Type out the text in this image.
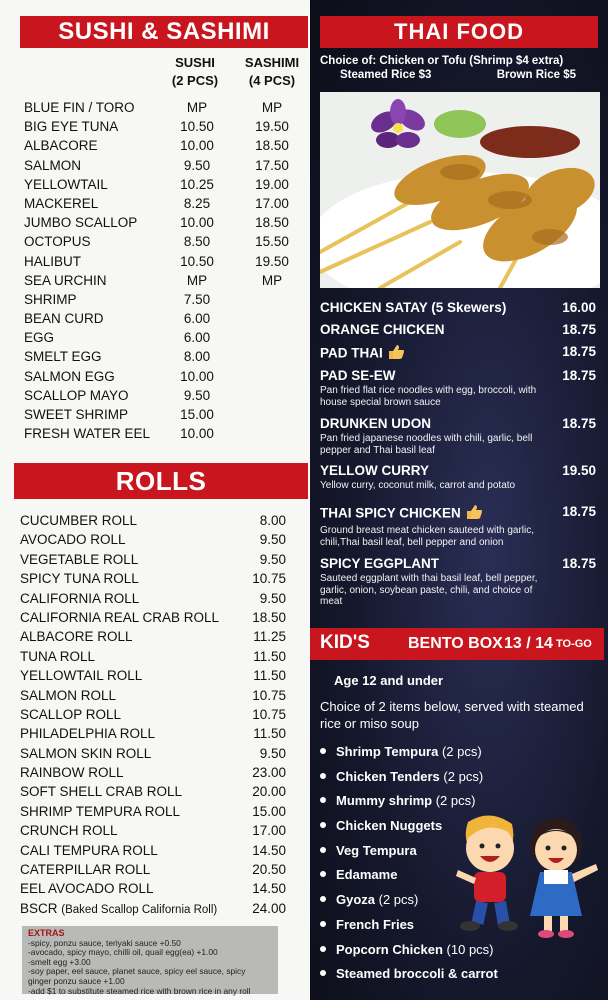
SUSHI & SASHIMI
SUSHI
(2 PCS)
SASHIMI
(4 PCS)
BLUE FIN / TORO	MP	MP
BIG EYE TUNA	10.50	19.50
ALBACORE	10.00	18.50
SALMON	9.50	17.50
YELLOWTAIL	10.25	19.00
MACKEREL	8.25	17.00
JUMBO SCALLOP	10.00	18.50
OCTOPUS	8.50	15.50
HALIBUT	10.50	19.50
SEA URCHIN	MP	MP
SHRIMP	7.50
BEAN CURD	6.00
EGG	6.00
SMELT EGG	8.00
SALMON EGG	10.00
SCALLOP MAYO	9.50
SWEET SHRIMP	15.00
FRESH WATER EEL	10.00
ROLLS
CUCUMBER ROLL	8.00
AVOCADO ROLL	9.50
VEGETABLE ROLL	9.50
SPICY TUNA ROLL	10.75
CALIFORNIA ROLL	9.50
CALIFORNIA REAL CRAB ROLL 18.50
ALBACORE ROLL	11.25
TUNA ROLL	11.50
YELLOWTAIL ROLL	11.50
SALMON ROLL	10.75
SCALLOP ROLL	10.75
PHILADELPHIA ROLL	11.50
SALMON SKIN ROLL	9.50
RAINBOW ROLL	23.00
SOFT SHELL CRAB ROLL	20.00
SHRIMP TEMPURA ROLL	15.00
CRUNCH ROLL	17.00
CALI TEMPURA ROLL	14.50
CATERPILLAR ROLL	20.50
EEL AVOCADO ROLL	14.50
BSCR (Baked Scallop California Roll)	24.00
EXTRAS
-spicy, ponzu sauce, teriyaki sauce +0.50
-avocado, spicy mayo, chilli oil, quail egg(ea) +1.00
-smelt egg +3.00
-soy paper, eel sauce, planet sauce, spicy eel sauce, spicy
ginger ponzu sauce +1.00
-add $1 to substitute steamed rice with brown rice in any roll
THAI FOOD
Choice of: Chicken or Tofu (Shrimp $4 extra)
Steamed Rice $3	Brown Rice $5
CHICKEN SATAY (5 Skewers)	16.00
ORANGE CHICKEN	18.75
PAD THAI	18.75
PAD SE-EW	18.75
Pan fried flat rice noodles with egg, broccoli, with house special brown sauce
DRUNKEN UDON	18.75
Pan fried japanese noodles with chili, garlic, bell pepper and Thai basil leaf
YELLOW CURRY	19.50
Yellow curry, coconut milk, carrot and potato
THAI SPICY CHICKEN	18.75
Ground breast meat chicken sauteed with garlic, chili,Thai basil leaf, bell pepper and onion
SPICY EGGPLANT	18.75
Sauteed eggplant with thai basil leaf, bell pepper, garlic, onion, soybean paste, chili, and choice of meat
KID'S BENTO BOX 13 / 14 TO-GO
Age 12 and under
Choice of 2 items below, served with steamed rice or miso soup
Shrimp Tempura (2 pcs)
Chicken Tenders (2 pcs)
Mummy shrimp (2 pcs)
Chicken Nuggets
Veg Tempura
Edamame
Gyoza (2 pcs)
French Fries
Popcorn Chicken (10 pcs)
Steamed broccoli & carrot
